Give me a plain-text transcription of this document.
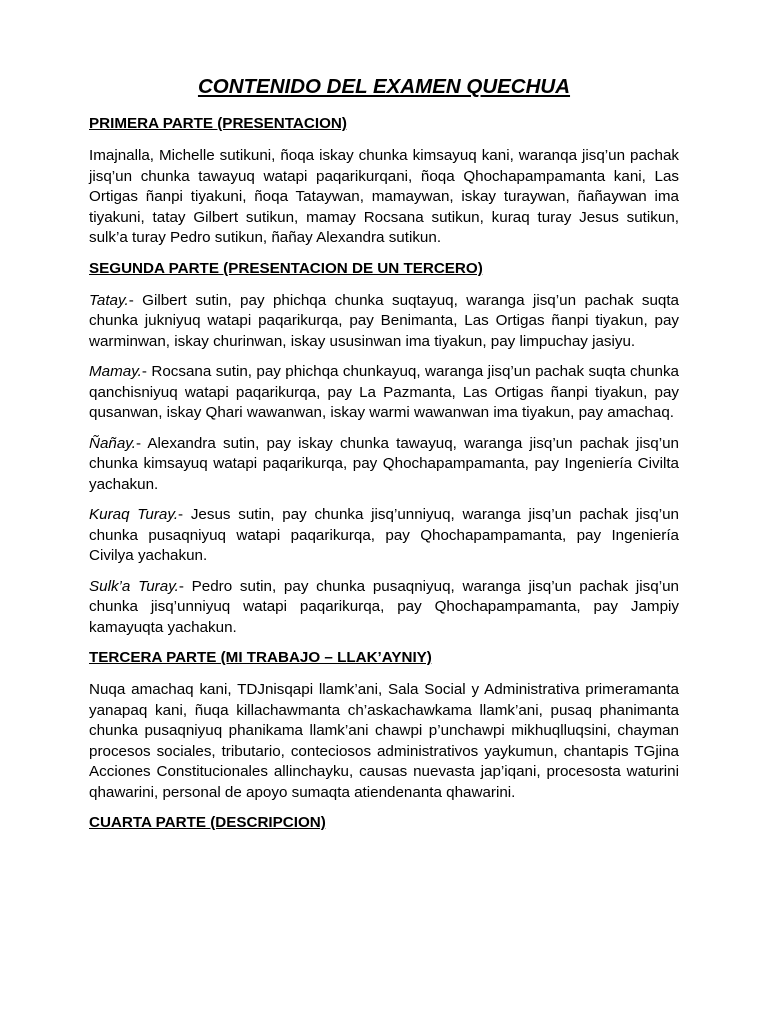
CONTENIDO DEL EXAMEN QUECHUA
PRIMERA PARTE (PRESENTACION)

Imajnalla, Michelle sutikuni, ñoqa iskay chunka kimsayuq kani, waranqa jisq’un pachak jisq’un chunka tawayuq watapi paqarikurqani, ñoqa Qhochapampamanta kani, Las Ortigas ñanpi tiyakuni, ñoqa Tataywan, mamaywan, iskay turaywan, ñañaywan ima tiyakuni, tatay Gilbert sutikun, mamay Rocsana sutikun, kuraq turay Jesus sutikun, sulk’a turay Pedro sutikun, ñañay Alexandra sutikun.

SEGUNDA PARTE (PRESENTACION DE UN TERCERO)

Tatay.- Gilbert sutin, pay phichqa chunka suqtayuq, waranga jisq’un pachak suqta chunka jukniyuq watapi paqarikurqa, pay Benimanta, Las Ortigas ñanpi tiyakun, pay warminwan, iskay churinwan, iskay ususinwan ima tiyakun, pay limpuchay jasiyu.

Mamay.- Rocsana sutin, pay phichqa chunkayuq, waranga jisq’un pachak suqta chunka qanchisniyuq watapi paqarikurqa, pay La Pazmanta, Las Ortigas ñanpi tiyakun, pay qusanwan, iskay Qhari wawanwan, iskay warmi wawanwan ima tiyakun, pay amachaq.

Ñañay.- Alexandra sutin, pay iskay chunka tawayuq, waranga jisq’un pachak jisq’un chunka kimsayuq watapi paqarikurqa, pay Qhochapampamanta, pay Ingeniería Civilta yachakun.

Kuraq Turay.- Jesus sutin, pay chunka jisq’unniyuq, waranga jisq’un pachak jisq’un chunka pusaqniyuq watapi paqarikurqa, pay Qhochapampamanta, pay Ingeniería Civilya yachakun.

Sulk’a Turay.- Pedro sutin, pay chunka pusaqniyuq, waranga jisq’un pachak jisq’un chunka jisq’unniyuq watapi paqarikurqa, pay Qhochapampamanta, pay Jampiy kamayuqta yachakun.

TERCERA PARTE (MI TRABAJO – LLAK’AYNIY)

Nuqa amachaq kani, TDJnisqapi llamk’ani, Sala Social y Administrativa primeramanta yanapaq kani, ñuqa killachawmanta ch’askachawkama llamk’ani, pusaq phanimanta chunka pusaqniyuq phanikama llamk’ani chawpi p’unchawpi mikhuqlluqsini, chayman procesos sociales, tributario, conteciosos administrativos yaykumun, chantapis TGjina Acciones Constitucionales allinchayku, causas nuevasta jap’iqani, procesosta waturini qhawarini, personal de apoyo sumaqta atiendenanta qhawarini.

CUARTA PARTE (DESCRIPCION)
